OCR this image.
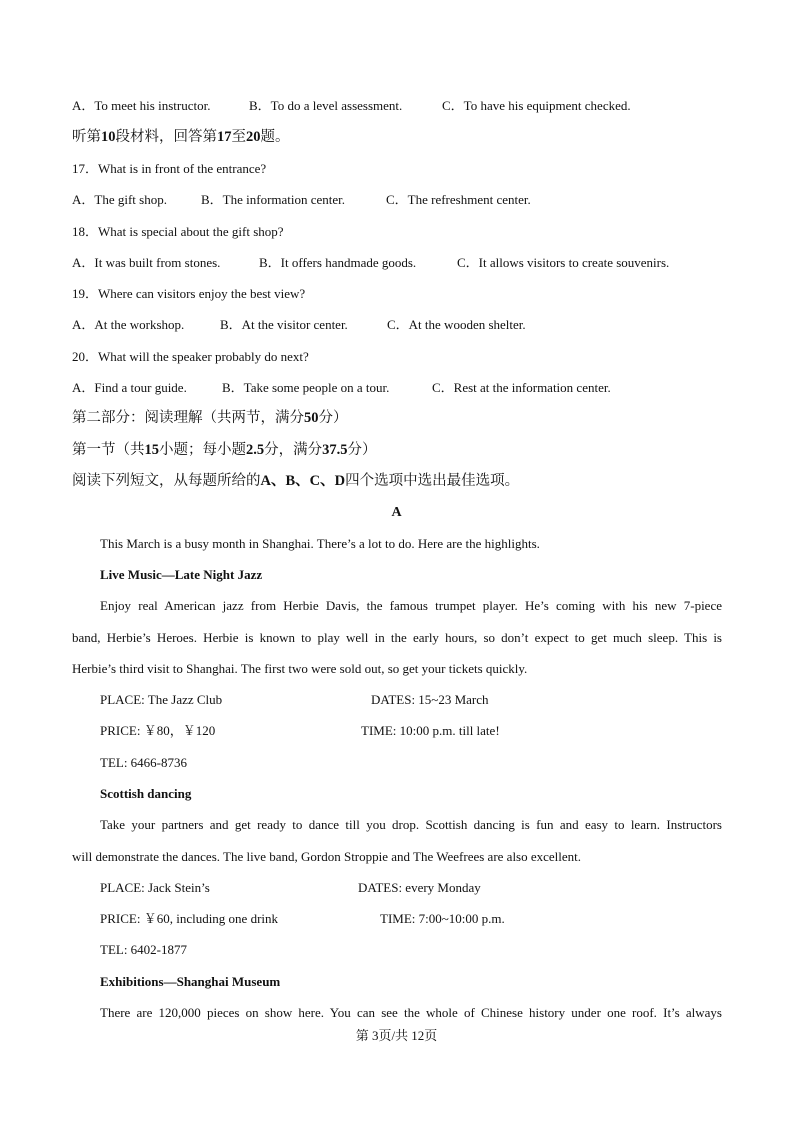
A．To meet his instructor.	B．To do a level assessment.	C．To have his equipment checked.
听第10段材料，回答第17至20题。
17．What is in front of the entrance?
A．The gift shop.	B．The information center.	C．The refreshment center.
18．What is special about the gift shop?
A．It was built from stones.	B．It offers handmade goods.	C．It allows visitors to create souvenirs.
19．Where can visitors enjoy the best view?
A．At the workshop.	B．At the visitor center.	C．At the wooden shelter.
20．What will the speaker probably do next?
A．Find a tour guide.	B．Take some people on a tour.	C．Rest at the information center.
第二部分：阅读理解（共两节，满分50分）
第一节（共15小题；每小题2.5分，满分37.5分）
阅读下列短文，从每题所给的A、B、C、D四个选项中选出最佳选项。
A
This March is a busy month in Shanghai. There’s a lot to do. Here are the highlights.
Live Music—Late Night Jazz
Enjoy real American jazz from Herbie Davis, the famous trumpet player. He’s coming with his new 7-piece
band, Herbie’s Heroes. Herbie is known to play well in the early hours, so don’t expect to get much sleep. This is
Herbie’s third visit to Shanghai. The first two were sold out, so get your tickets quickly.
PLACE: The Jazz Club	DATES: 15~23 March
PRICE: ￥80，￥120	TIME: 10:00 p.m. till late!
TEL: 6466-8736
Scottish dancing
Take your partners and get ready to dance till you drop. Scottish dancing is fun and easy to learn. Instructors
will demonstrate the dances. The live band, Gordon Stroppie and The Weefrees are also excellent.
PLACE: Jack Stein’s	DATES: every Monday
PRICE: ￥60, including one drink	TIME: 7:00~10:00 p.m.
TEL: 6402-1877
Exhibitions—Shanghai Museum
There are 120,000 pieces on show here. You can see the whole of Chinese history under one roof. It’s always
第 3页/共 12页
